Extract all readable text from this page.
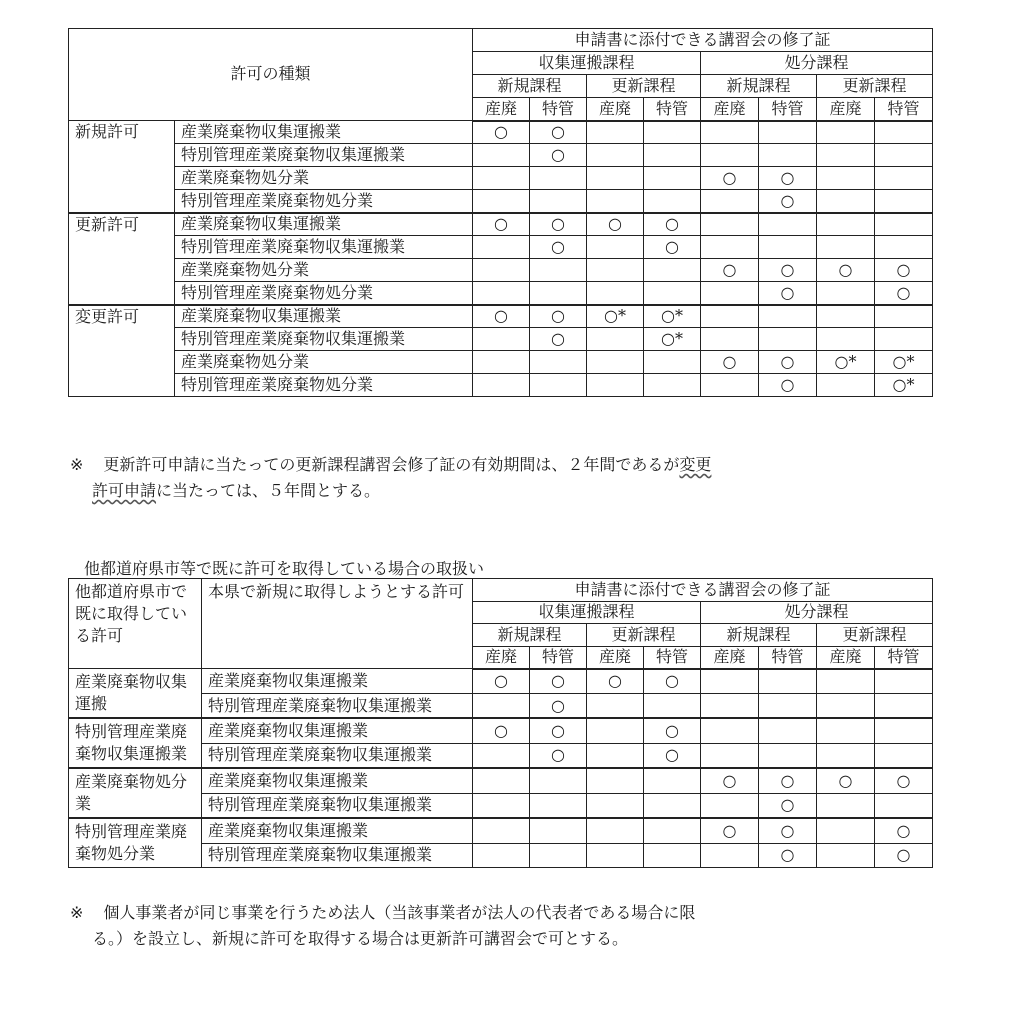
許可の種類		申請書に添付できる講習会の修了証							
		収集運搬課程				処分課程			
		新規課程		更新課程		新規課程		更新課程	
		産廃	特管	産廃	特管	産廃	特管	産廃	特管
新規許可	産業廃棄物収集運搬業	○	○						
	特別管理産業廃棄物収集運搬業		○						
	産業廃棄物処分業					○	○		
	特別管理産業廃棄物処分業						○		
更新許可	産業廃棄物収集運搬業	○	○	○	○				
	特別管理産業廃棄物収集運搬業		○		○				
	産業廃棄物処分業					○	○	○	○
	特別管理産業廃棄物処分業						○		○
変更許可	産業廃棄物収集運搬業	○	○	○*	○*				
	特別管理産業廃棄物収集運搬業		○		○*				
	産業廃棄物処分業					○	○	○*	○*
	特別管理産業廃棄物処分業						○		○*
※ 更新許可申請に当たっての更新課程講習会修了証の有効期間は、２年間であるが変更
許可申請に当たっては、５年間とする。
他都道府県市等で既に許可を取得している場合の取扱い
他都道府県市で既に取得している許可	本県で新規に取得しようとする許可	申請書に添付できる講習会の修了証							
		収集運搬課程				処分課程			
		新規課程		更新課程		新規課程		更新課程	
		産廃	特管	産廃	特管	産廃	特管	産廃	特管
産業廃棄物収集運搬	産業廃棄物収集運搬業	○	○	○	○				
	特別管理産業廃棄物収集運搬業		○						
特別管理産業廃棄物収集運搬業	産業廃棄物収集運搬業	○	○		○				
	特別管理産業廃棄物収集運搬業		○		○				
産業廃棄物処分業	産業廃棄物収集運搬業					○	○	○	○
	特別管理産業廃棄物収集運搬業						○		
特別管理産業廃棄物処分業	産業廃棄物収集運搬業					○	○		○
	特別管理産業廃棄物収集運搬業						○		○
※ 個人事業者が同じ事業を行うため法人（当該事業者が法人の代表者である場合に限
る。）を設立し、新規に許可を取得する場合は更新許可講習会で可とする。
